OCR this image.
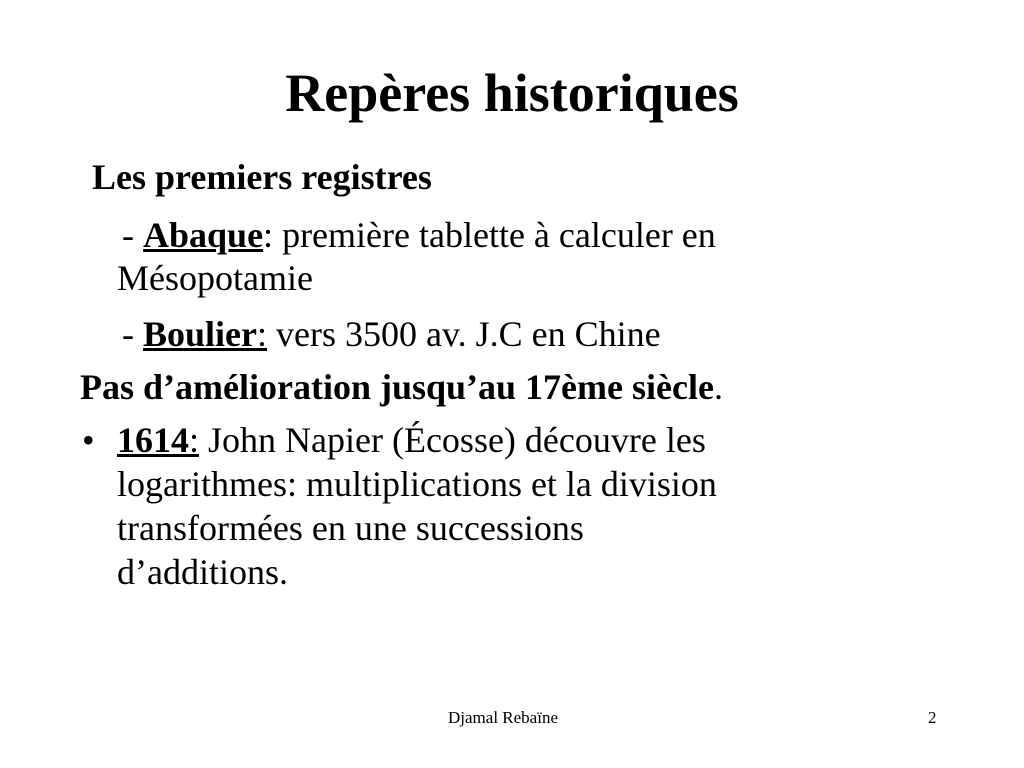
Repères historiques
Les premiers registres
- Abaque: première tablette à calculer en
Mésopotamie
- Boulier: vers 3500 av. J.C en Chine
Pas d’amélioration jusqu’au 17ème siècle.
• 1614: John Napier (Écosse) découvre les
logarithmes: multiplications et la division
transformées en une successions
d’additions.
Djamal Rebaïne	2
